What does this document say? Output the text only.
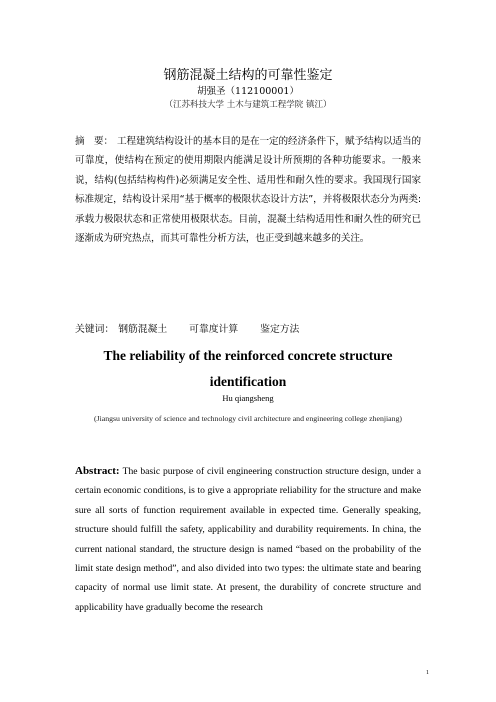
钢筋混凝土结构的可靠性鉴定
胡强圣（112100001）
（江苏科技大学 土木与建筑工程学院 镇江）
摘　要： 工程建筑结构设计的基本目的是在一定的经济条件下，赋予结构以适当的可靠度，使结构在预定的使用期限内能满足设计所预期的各种功能要求。一般来说，结构(包括结构构件)必须满足安全性、适用性和耐久性的要求。我国现行国家标准规定，结构设计采用“基于概率的极限状态设计方法”，并将极限状态分为两类:承载力极限状态和正常使用极限状态。目前，混凝土结构适用性和耐久性的研究已逐渐成为研究热点，而其可靠性分析方法，也正受到越来越多的关注。
关键词： 钢筋混凝土 可靠度计算 鉴定方法
The reliability of the reinforced concrete structure
identification
Hu qiangsheng
(Jiangsu university of science and technology civil architecture and engineering college zhenjiang)
Abstract: The basic purpose of civil engineering construction structure design, under a certain economic conditions, is to give a appropriate reliability for the structure and make sure all sorts of function requirement available in expected time. Generally speaking, structure should fulfill the safety, applicability and durability requirements. In china, the current national standard, the structure design is named “based on the probability of the limit state design method”, and also divided into two types: the ultimate state and bearing capacity of normal use limit state. At present, the durability of concrete structure and applicability have gradually become the research
1
